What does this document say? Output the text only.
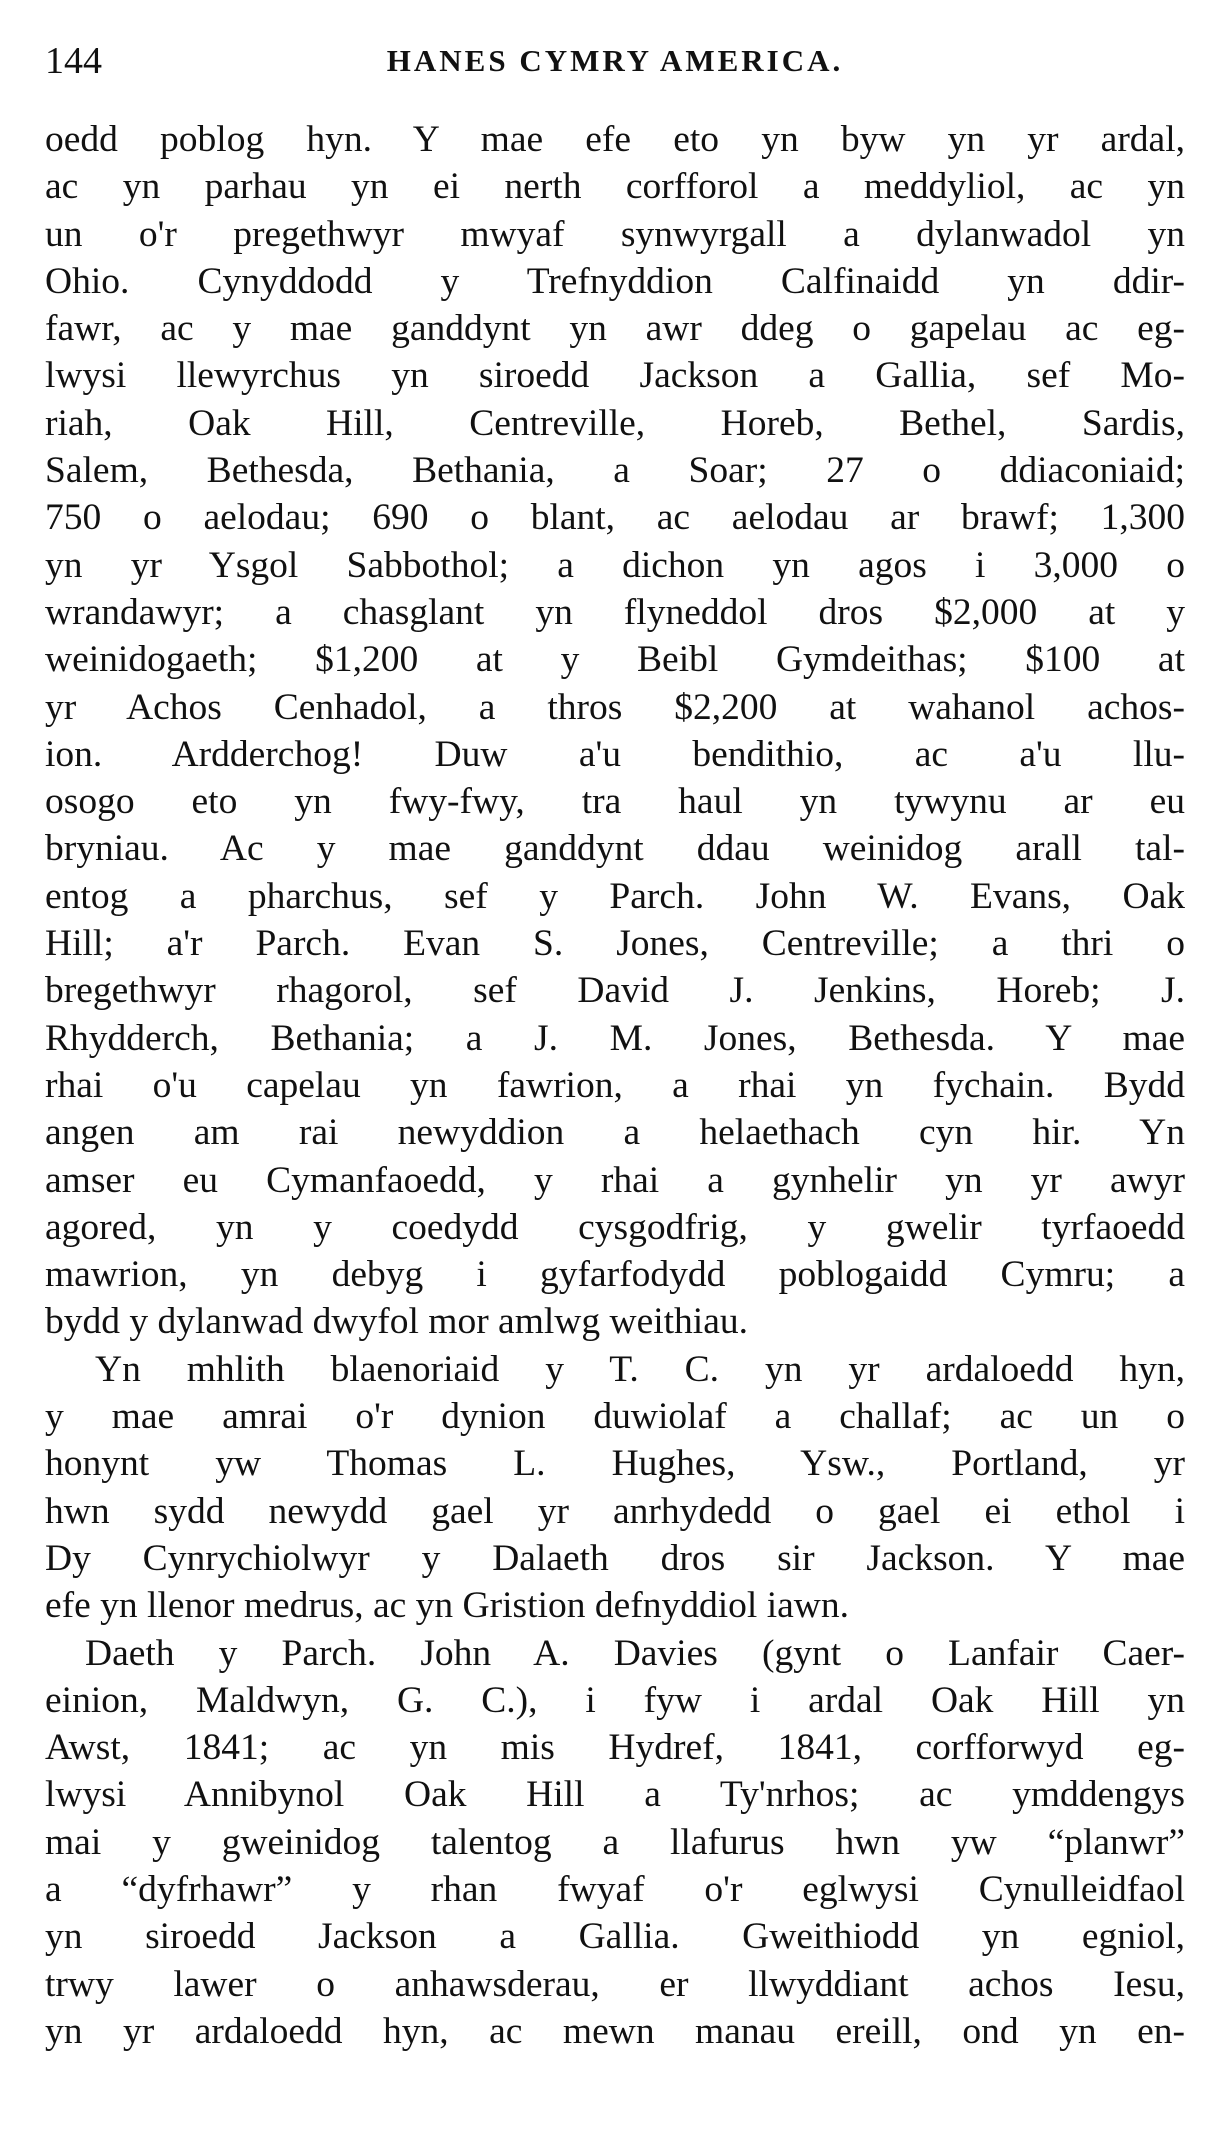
144	HANES CYMRY AMERICA.

oedd poblog hyn. Y mae efe eto yn byw yn yr ardal,
ac yn parhau yn ei nerth corfforol a meddyliol, ac yn
un o'r pregethwyr mwyaf synwyrgall a dylanwadol yn
Ohio. Cynyddodd y Trefnyddion Calfinaidd yn ddir-
fawr, ac y mae ganddynt yn awr ddeg o gapelau ac eg-
lwysi llewyrchus yn siroedd Jackson a Gallia, sef Mo-
riah, Oak Hill, Centreville, Horeb, Bethel, Sardis,
Salem, Bethesda, Bethania, a Soar; 27 o ddiaconiaid;
750 o aelodau; 690 o blant, ac aelodau ar brawf; 1,300
yn yr Ysgol Sabbothol; a dichon yn agos i 3,000 o
wrandawyr; a chasglant yn flyneddol dros $2,000 at y
weinidogaeth; $1,200 at y Beibl Gymdeithas; $100 at
yr Achos Cenhadol, a thros $2,200 at wahanol achos-
ion. Ardderchog! Duw a'u bendithio, ac a'u llu-
osogo eto yn fwy-fwy, tra haul yn tywynu ar eu
bryniau. Ac y mae ganddynt ddau weinidog arall tal-
entog a pharchus, sef y Parch. John W. Evans, Oak
Hill; a'r Parch. Evan S. Jones, Centreville; a thri o
bregethwyr rhagorol, sef David J. Jenkins, Horeb; J.
Rhydderch, Bethania; a J. M. Jones, Bethesda. Y mae
rhai o'u capelau yn fawrion, a rhai yn fychain. Bydd
angen am rai newyddion a helaethach cyn hir. Yn
amser eu Cymanfaoedd, y rhai a gynhelir yn yr awyr
agored, yn y coedydd cysgodfrig, y gwelir tyrfaoedd
mawrion, yn debyg i gyfarfodydd poblogaidd Cymru; a
bydd y dylanwad dwyfol mor amlwg weithiau.

Yn mhlith blaenoriaid y T. C. yn yr ardaloedd hyn,
y mae amrai o'r dynion duwiolaf a challaf; ac un o
honynt yw Thomas L. Hughes, Ysw., Portland, yr
hwn sydd newydd gael yr anrhydedd o gael ei ethol i
Dy Cynrychiolwyr y Dalaeth dros sir Jackson. Y mae
efe yn llenor medrus, ac yn Gristion defnyddiol iawn.

Daeth y Parch. John A. Davies (gynt o Lanfair Caer-
einion, Maldwyn, G. C.), i fyw i ardal Oak Hill yn
Awst, 1841; ac yn mis Hydref, 1841, corfforwyd eg-
lwysi Annibynol Oak Hill a Ty'nrhos; ac ymddengys
mai y gweinidog talentog a llafurus hwn yw “planwr”
a “dyfrhawr” y rhan fwyaf o'r eglwysi Cynulleidfaol
yn siroedd Jackson a Gallia. Gweithiodd yn egniol,
trwy lawer o anhawsderau, er llwyddiant achos Iesu,
yn yr ardaloedd hyn, ac mewn manau ereill, ond yn en-
